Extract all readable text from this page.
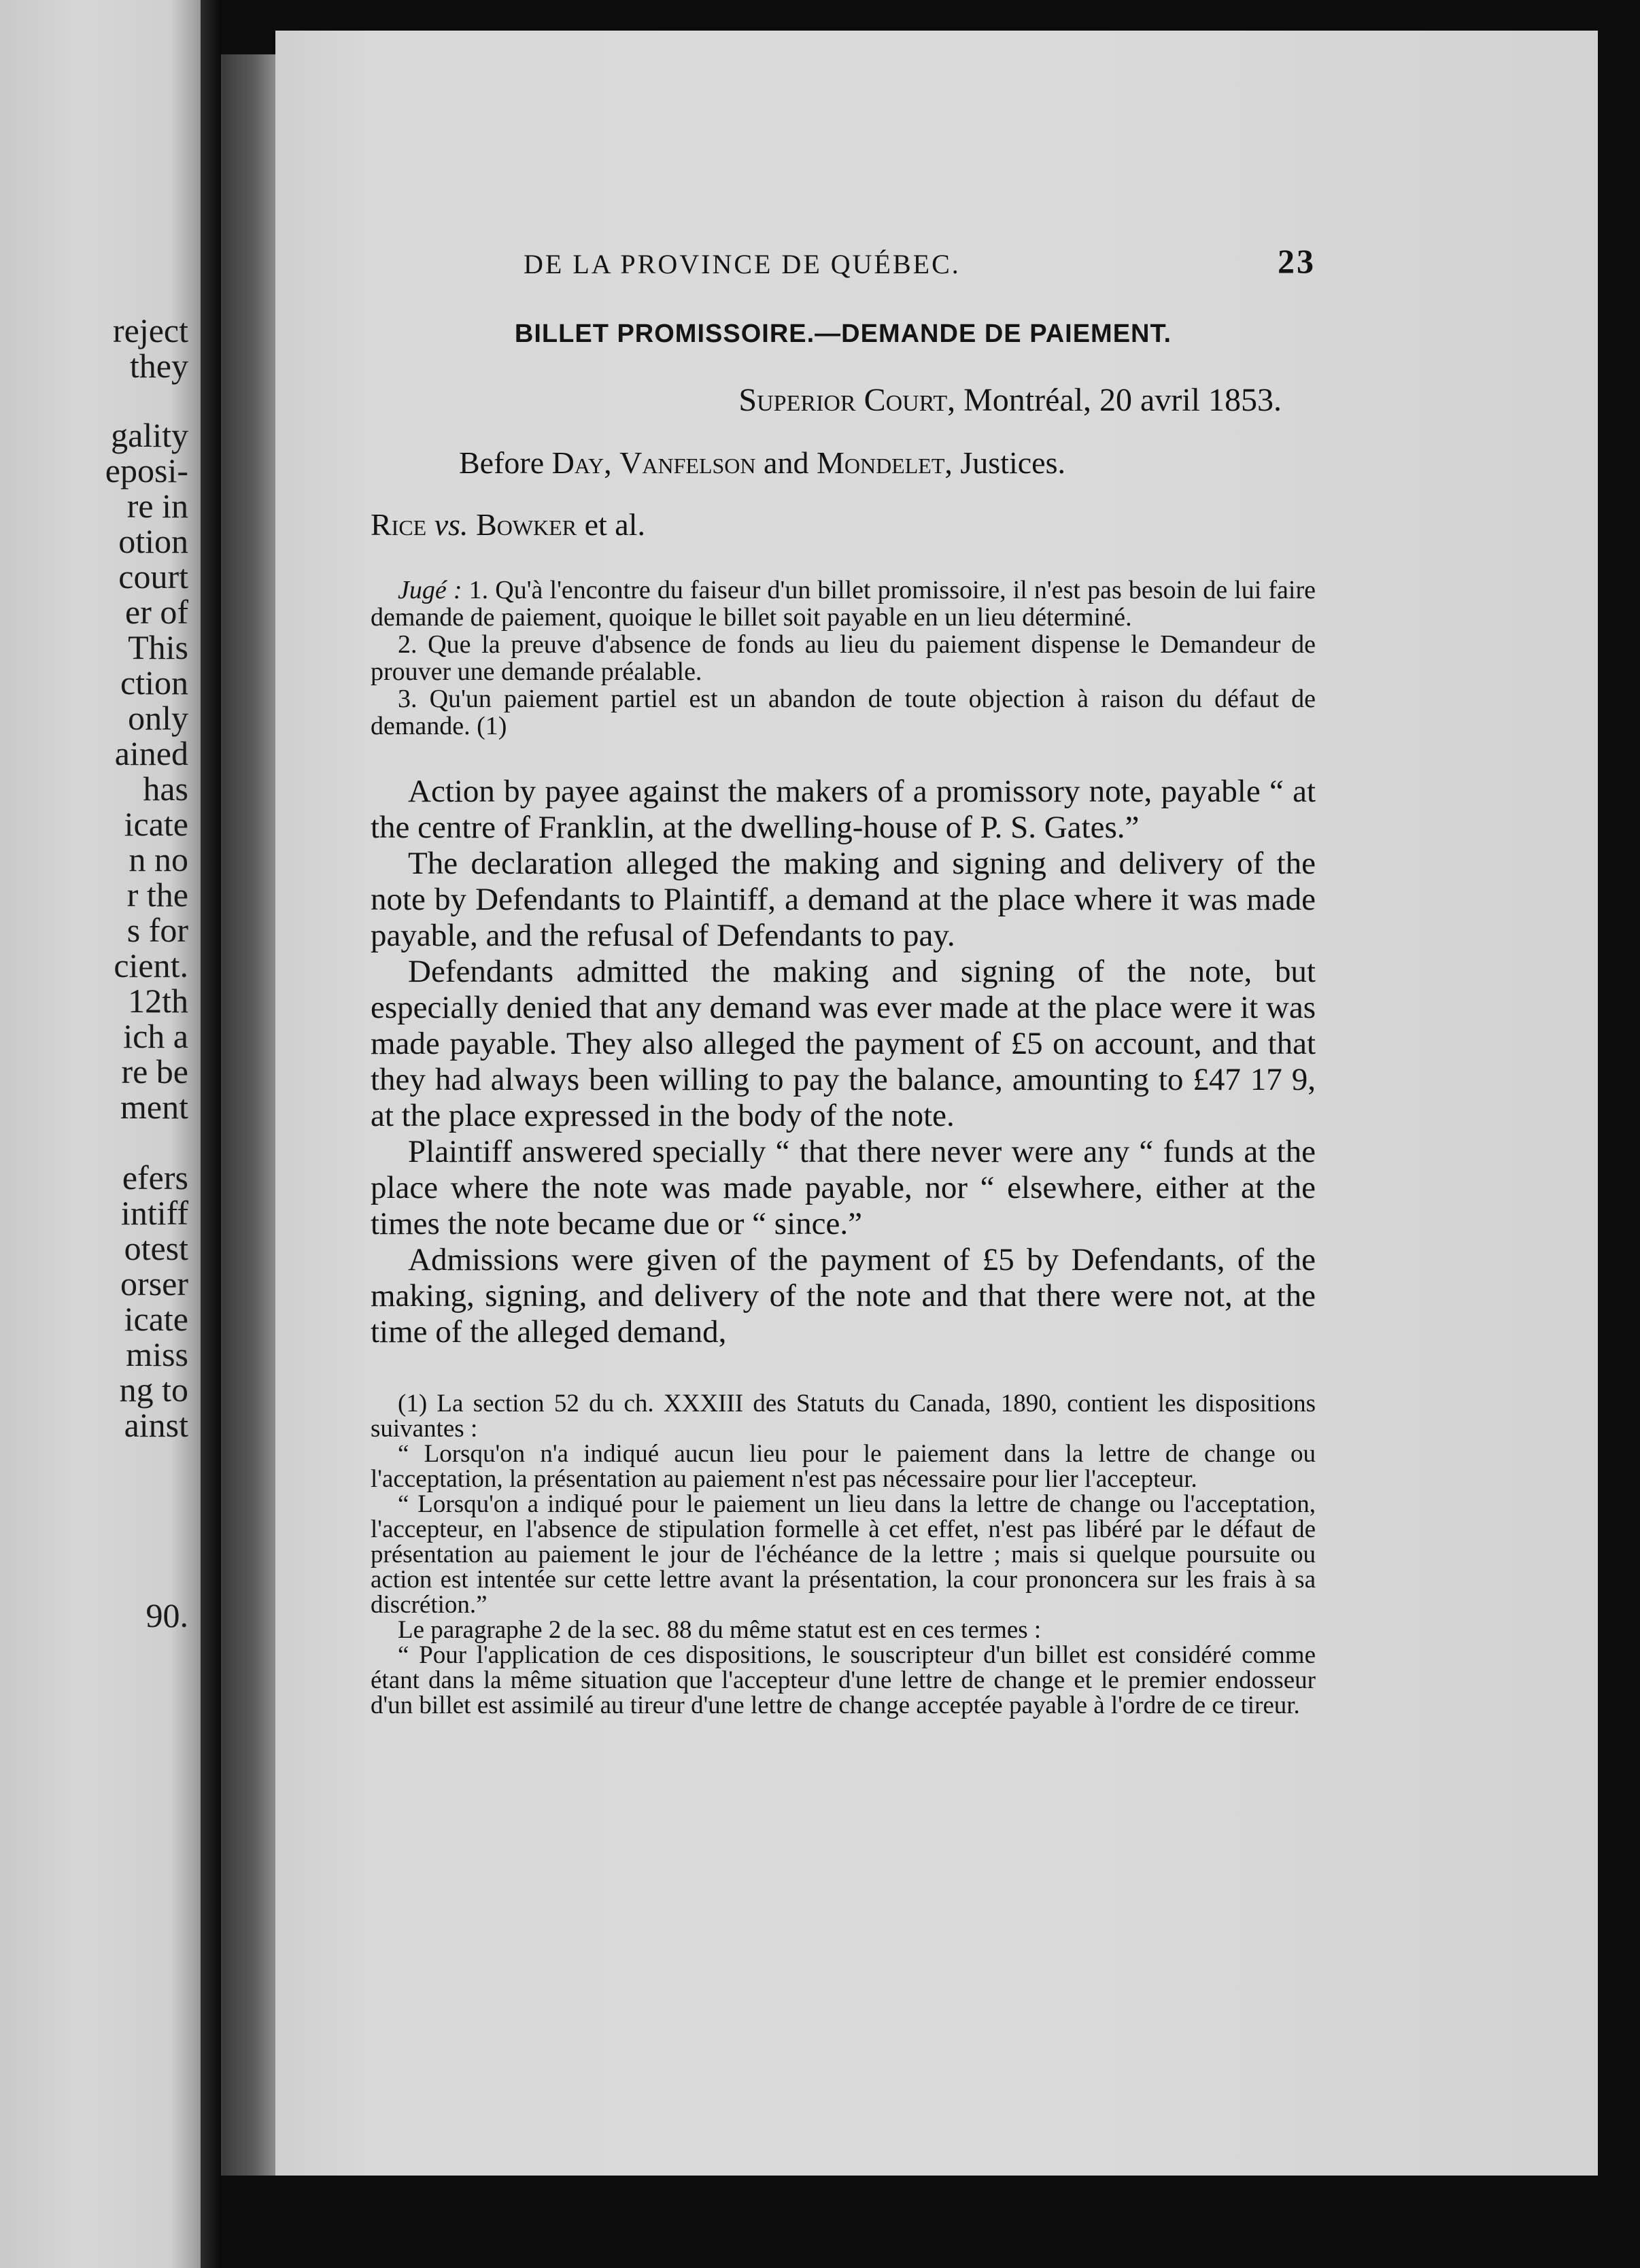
reject
they
gality
eposi-
re in
otion
court
er of
This
ction
only
ained
has
icate
n no
r the
s for
cient.
12th
ich a
re be
ment
efers
intiff
otest
orser
icate
miss
ng to
ainst
90.
DE LA PROVINCE DE QUÉBEC.	23
BILLET PROMISSOIRE.—DEMANDE DE PAIEMENT.
Superior Court, Montréal, 20 avril 1853.
Before Day, Vanfelson and Mondelet, Justices.
Rice vs. Bowker et al.

Jugé : 1. Qu'à l'encontre du faiseur d'un billet promissoire, il n'est pas besoin de lui faire demande de paiement, quoique le billet soit payable en un lieu déterminé.

2. Que la preuve d'absence de fonds au lieu du paiement dispense le Demandeur de prouver une demande préalable.

3. Qu'un paiement partiel est un abandon de toute objection à raison du défaut de demande. (1)

Action by payee against the makers of a promissory note, payable “ at the centre of Franklin, at the dwelling-house of P. S. Gates.”

The declaration alleged the making and signing and delivery of the note by Defendants to Plaintiff, a demand at the place where it was made payable, and the refusal of Defendants to pay.

Defendants admitted the making and signing of the note, but especially denied that any demand was ever made at the place were it was made payable. They also alleged the payment of £5 on account, and that they had always been willing to pay the balance, amounting to £47 17 9, at the place expressed in the body of the note.

Plaintiff answered specially “ that there never were any “ funds at the place where the note was made payable, nor “ elsewhere, either at the times the note became due or “ since.”

Admissions were given of the payment of £5 by Defendants, of the making, signing, and delivery of the note and that there were not, at the time of the alleged demand,

(1) La section 52 du ch. XXXIII des Statuts du Canada, 1890, contient les dispositions suivantes :

“ Lorsqu'on n'a indiqué aucun lieu pour le paiement dans la lettre de change ou l'acceptation, la présentation au paiement n'est pas nécessaire pour lier l'accepteur.

“ Lorsqu'on a indiqué pour le paiement un lieu dans la lettre de change ou l'acceptation, l'accepteur, en l'absence de stipulation formelle à cet effet, n'est pas libéré par le défaut de présentation au paiement le jour de l'échéance de la lettre ; mais si quelque poursuite ou action est intentée sur cette lettre avant la présentation, la cour prononcera sur les frais à sa discrétion.”

Le paragraphe 2 de la sec. 88 du même statut est en ces termes :

“ Pour l'application de ces dispositions, le souscripteur d'un billet est considéré comme étant dans la même situation que l'accepteur d'une lettre de change et le premier endosseur d'un billet est assimilé au tireur d'une lettre de change acceptée payable à l'ordre de ce tireur.
